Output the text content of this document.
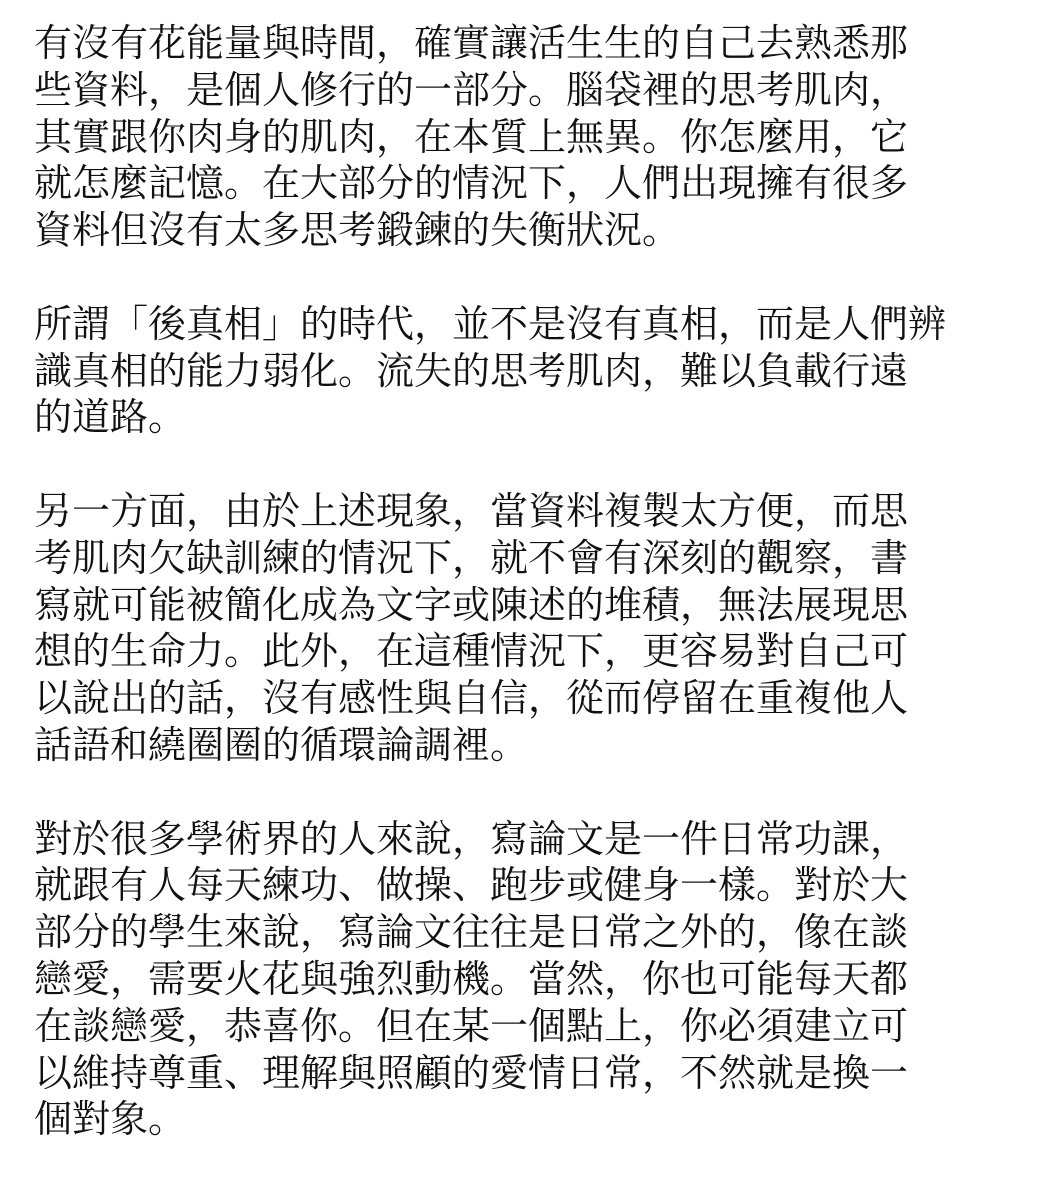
有沒有花能量與時間，確實讓活生生的自己去熟悉那
些資料，是個人修行的一部分。腦袋裡的思考肌肉，
其實跟你肉身的肌肉，在本質上無異。你怎麼用，它
就怎麼記憶。在大部分的情況下，人們出現擁有很多
資料但沒有太多思考鍛鍊的失衡狀況。
所謂「後真相」的時代，並不是沒有真相，而是人們辨
識真相的能力弱化。流失的思考肌肉，難以負載行遠
的道路。
另一方面，由於上述現象，當資料複製太方便，而思
考肌肉欠缺訓練的情況下，就不會有深刻的觀察，書
寫就可能被簡化成為文字或陳述的堆積，無法展現思
想的生命力。此外，在這種情況下，更容易對自己可
以說出的話，沒有感性與自信，從而停留在重複他人
話語和繞圈圈的循環論調裡。
對於很多學術界的人來說，寫論文是一件日常功課，
就跟有人每天練功、做操、跑步或健身一樣。對於大
部分的學生來說，寫論文往往是日常之外的，像在談
戀愛，需要火花與強烈動機。當然，你也可能每天都
在談戀愛，恭喜你。但在某一個點上，你必須建立可
以維持尊重、理解與照顧的愛情日常，不然就是換一
個對象。
